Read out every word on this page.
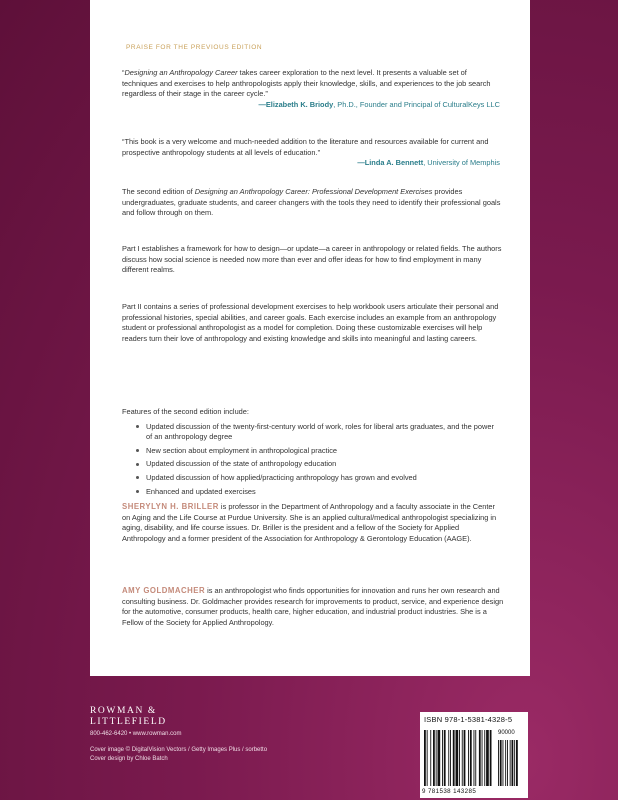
PRAISE FOR THE PREVIOUS EDITION
“Designing an Anthropology Career takes career exploration to the next level. It presents a valuable set of techniques and exercises to help anthropologists apply their knowledge, skills, and experiences to the job search regardless of their stage in the career cycle.”
—Elizabeth K. Briody, Ph.D., Founder and Principal of CulturalKeys LLC
“This book is a very welcome and much-needed addition to the literature and resources available for current and prospective anthropology students at all levels of education.”
—Linda A. Bennett, University of Memphis
The second edition of Designing an Anthropology Career: Professional Development Exercises provides undergraduates, graduate students, and career changers with the tools they need to identify their professional goals and follow through on them.
Part I establishes a framework for how to design—or update—a career in anthropology or related fields. The authors discuss how social science is needed now more than ever and offer ideas for how to find employment in many different realms.
Part II contains a series of professional development exercises to help workbook users articulate their personal and professional histories, special abilities, and career goals. Each exercise includes an example from an anthropology student or professional anthropologist as a model for completion. Doing these customizable exercises will help readers turn their love of anthropology and existing knowledge and skills into meaningful and lasting careers.
Features of the second edition include:
Updated discussion of the twenty-first-century world of work, roles for liberal arts graduates, and the power of an anthropology degree
New section about employment in anthropological practice
Updated discussion of the state of anthropology education
Updated discussion of how applied/practicing anthropology has grown and evolved
Enhanced and updated exercises
SHERYLYN H. BRILLER is professor in the Department of Anthropology and a faculty associate in the Center on Aging and the Life Course at Purdue University. She is an applied cultural/medical anthropologist specializing in aging, disability, and life course issues. Dr. Briller is the president and a fellow of the Society for Applied Anthropology and a former president of the Association for Anthropology & Gerontology Education (AAGE).
AMY GOLDMACHER is an anthropologist who finds opportunities for innovation and runs her own research and consulting business. Dr. Goldmacher provides research for improvements to product, service, and experience design for the automotive, consumer products, health care, higher education, and industrial product industries. She is a Fellow of the Society for Applied Anthropology.
ROWMAN &
LITTLEFIELD
800-462-6420 • www.rowman.com
Cover image © DigitalVision Vectors / Getty Images Plus / sorbetto
Cover design by Chloe Batch
ISBN 978-1-5381-4328-5
90000
9 781538 143285
